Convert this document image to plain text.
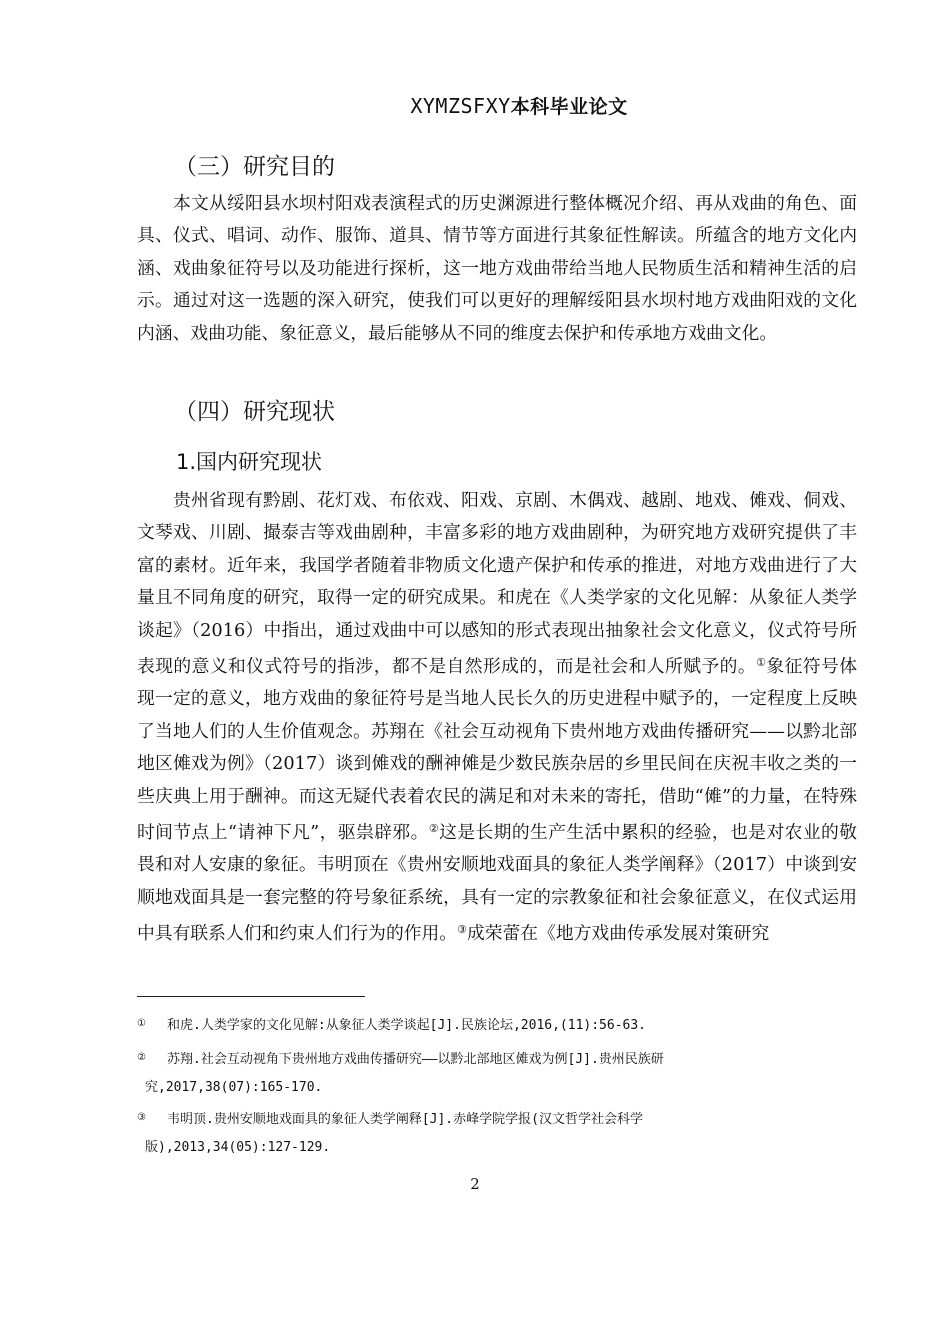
XYMZSFXY本科毕业论文
（三）研究目的
本文从绥阳县水坝村阳戏表演程式的历史渊源进行整体概况介绍、再从戏曲的角色、面具、仪式、唱词、动作、服饰、道具、情节等方面进行其象征性解读。所蕴含的地方文化内涵、戏曲象征符号以及功能进行探析，这一地方戏曲带给当地人民物质生活和精神生活的启示。通过对这一选题的深入研究，使我们可以更好的理解绥阳县水坝村地方戏曲阳戏的文化内涵、戏曲功能、象征意义，最后能够从不同的维度去保护和传承地方戏曲文化。
（四）研究现状
1.国内研究现状
贵州省现有黔剧、花灯戏、布依戏、阳戏、京剧、木偶戏、越剧、地戏、傩戏、侗戏、文琴戏、川剧、撮泰吉等戏曲剧种，丰富多彩的地方戏曲剧种，为研究地方戏研究提供了丰富的素材。近年来，我国学者随着非物质文化遗产保护和传承的推进，对地方戏曲进行了大量且不同角度的研究，取得一定的研究成果。和虎在《人类学家的文化见解：从象征人类学谈起》（2016）中指出，通过戏曲中可以感知的形式表现出抽象社会文化意义，仪式符号所表现的意义和仪式符号的指涉，都不是自然形成的，而是社会和人所赋予的。①象征符号体现一定的意义，地方戏曲的象征符号是当地人民长久的历史进程中赋予的，一定程度上反映了当地人们的人生价值观念。苏翔在《社会互动视角下贵州地方戏曲传播研究——以黔北部地区傩戏为例》（2017）谈到傩戏的酬神傩是少数民族杂居的乡里民间在庆祝丰收之类的一些庆典上用于酬神。而这无疑代表着农民的满足和对未来的寄托，借助“傩”的力量，在特殊时间节点上“请神下凡”，驱祟辟邪。②这是长期的生产生活中累积的经验，也是对农业的敬畏和对人安康的象征。韦明顶在《贵州安顺地戏面具的象征人类学阐释》（2017）中谈到安顺地戏面具是一套完整的符号象征系统，具有一定的宗教象征和社会象征意义，在仪式运用中具有联系人们和约束人们行为的作用。③成荣蕾在《地方戏曲传承发展对策研究
①	和虎.人类学家的文化见解:从象征人类学谈起[J].民族论坛,2016,(11):56-63.
②	苏翔.社会互动视角下贵州地方戏曲传播研究——以黔北部地区傩戏为例[J].贵州民族研
究,2017,38(07):165-170.
③	韦明顶.贵州安顺地戏面具的象征人类学阐释[J].赤峰学院学报(汉文哲学社会科学
版),2013,34(05):127-129.
2
